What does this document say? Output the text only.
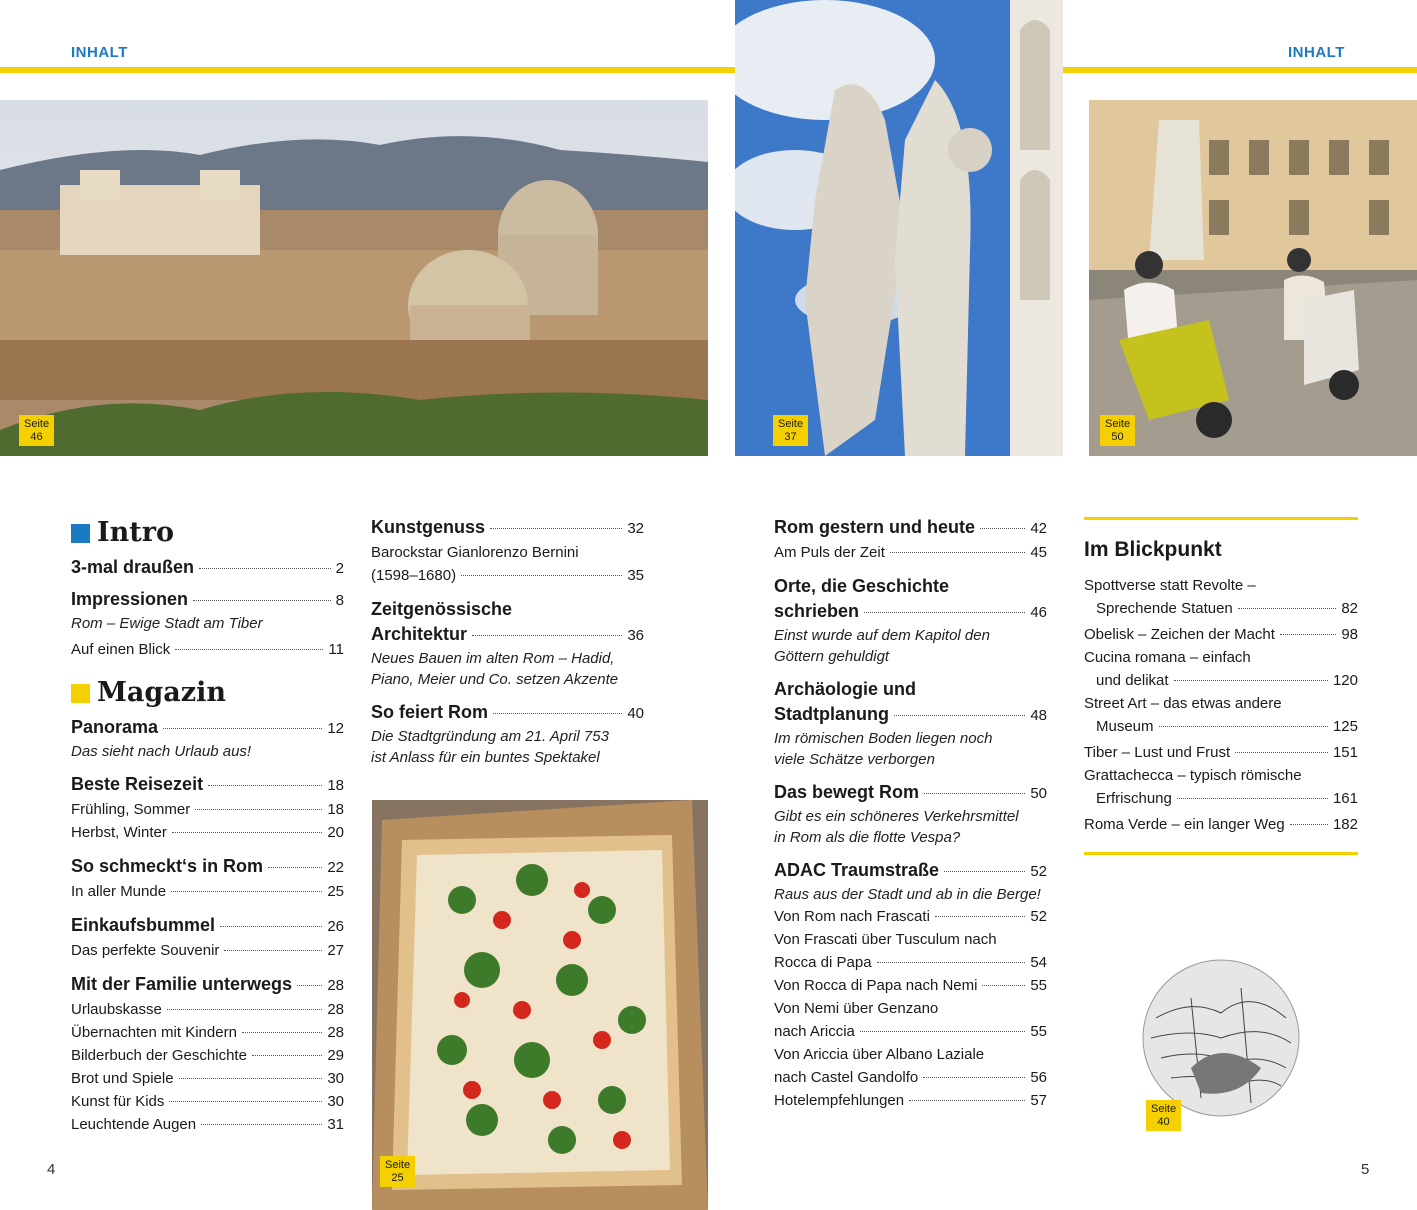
INHALT	INHALT
Seite
46
Seite
37
Seite
50
Seite
25
Seite
40
Intro
3-mal draußen	2
Impressionen	8
Rom – Ewige Stadt am Tiber
Auf einen Blick	11
Magazin
Panorama	12
Das sieht nach Urlaub aus!
Beste Reisezeit	18
Frühling, Sommer	18
Herbst, Winter	20
So schmeckt‘s in Rom	22
In aller Munde	25
Einkaufsbummel	26
Das perfekte Souvenir	27
Mit der Familie unterwegs 28
Urlaubskasse	28
Übernachten mit Kindern	28
Bilderbuch der Geschichte	29
Brot und Spiele	30
Kunst für Kids	30
Leuchtende Augen	31
Kunstgenuss	32
Barockstar Gianlorenzo Bernini
(1598–1680)	35
Zeitgenössische
Architektur	36
Neues Bauen im alten Rom – Hadid,
Piano, Meier und Co. setzen Akzente
So feiert Rom	40
Die Stadtgründung am 21. April 753
ist Anlass für ein buntes Spektakel
Rom gestern und heute	42
Am Puls der Zeit	45
Orte, die Geschichte
schrieben	46
Einst wurde auf dem Kapitol den
Göttern gehuldigt
Archäologie und
Stadtplanung	48
Im römischen Boden liegen noch
viele Schätze verborgen
Das bewegt Rom	50
Gibt es ein schöneres Verkehrsmittel
in Rom als die flotte Vespa?
ADAC Traumstraße	52
Raus aus der Stadt und ab in die Berge!
Von Rom nach Frascati	52
Von Frascati über Tusculum nach
Rocca di Papa	54
Von Rocca di Papa nach Nemi	55
Von Nemi über Genzano
nach Ariccia	55
Von Ariccia über Albano Laziale
nach Castel Gandolfo	56
Hotelempfehlungen	57
Im Blickpunkt
Spottverse statt Revolte –
Sprechende Statuen	82
Obelisk – Zeichen der Macht	98
Cucina romana – einfach
und delikat	120
Street Art – das etwas andere
Museum	125
Tiber – Lust und Frust	151
Grattachecca – typisch römische
Erfrischung	161
Roma Verde – ein langer Weg	182
4	5
